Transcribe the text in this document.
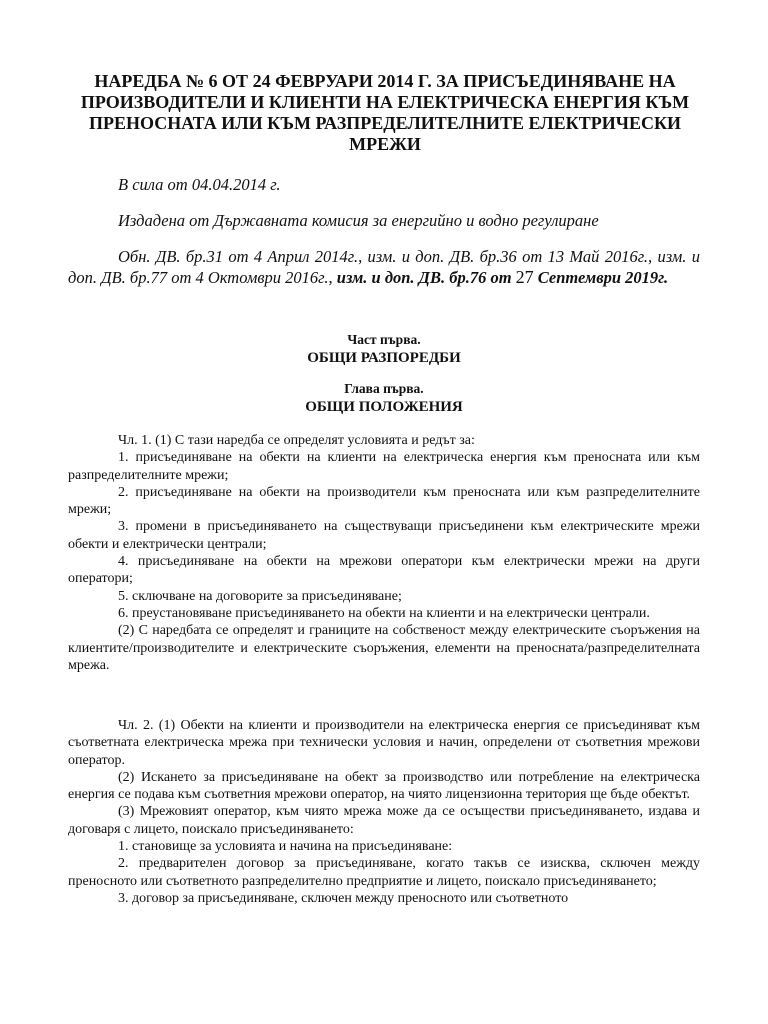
НАРЕДБА № 6 ОТ 24 ФЕВРУАРИ 2014 Г. ЗА ПРИСЪЕДИНЯВАНЕ НА ПРОИЗВОДИТЕЛИ И КЛИЕНТИ НА ЕЛЕКТРИЧЕСКА ЕНЕРГИЯ КЪМ ПРЕНОСНАТА ИЛИ КЪМ РАЗПРЕДЕЛИТЕЛНИТЕ ЕЛЕКТРИЧЕСКИ МРЕЖИ

В сила от 04.04.2014 г.

Издадена от Държавната комисия за енергийно и водно регулиране

Обн. ДВ. бр.31 от 4 Април 2014г., изм. и доп. ДВ. бр.36 от 13 Май 2016г., изм. и доп. ДВ. бр.77 от 4 Октомври 2016г., изм. и доп. ДВ. бр.76 от 27 Септември 2019г.

Част първа.
ОБЩИ РАЗПОРЕДБИ
Глава първа.
ОБЩИ ПОЛОЖЕНИЯ
Чл. 1. (1) С тази наредба се определят условията и редът за:
1. присъединяване на обекти на клиенти на електрическа енергия към преносната или към разпределителните мрежи;
2. присъединяване на обекти на производители към преносната или към разпределителните мрежи;
3. промени в присъединяването на съществуващи присъединени към електрическите мрежи обекти и електрически централи;
4. присъединяване на обекти на мрежови оператори към електрически мрежи на други оператори;
5. сключване на договорите за присъединяване;
6. преустановяване присъединяването на обекти на клиенти и на електрически централи.
(2) С наредбата се определят и границите на собственост между електрическите съоръжения на клиентите/производителите и електрическите съоръжения, елементи на преносната/разпределителната мрежа.
Чл. 2. (1) Обекти на клиенти и производители на електрическа енергия се присъединяват към съответната електрическа мрежа при технически условия и начин, определени от съответния мрежови оператор.
(2) Искането за присъединяване на обект за производство или потребление на електрическа енергия се подава към съответния мрежови оператор, на чиято лицензионна територия ще бъде обектът.
(3) Мрежовият оператор, към чиято мрежа може да се осъществи присъединяването, издава и договаря с лицето, поискало присъединяването:
1. становище за условията и начина на присъединяване:
2. предварителен договор за присъединяване, когато такъв се изисква, сключен между преносното или съответното разпределително предприятие и лицето, поискало присъединяването;
3. договор за присъединяване, сключен между преносното или съответното
